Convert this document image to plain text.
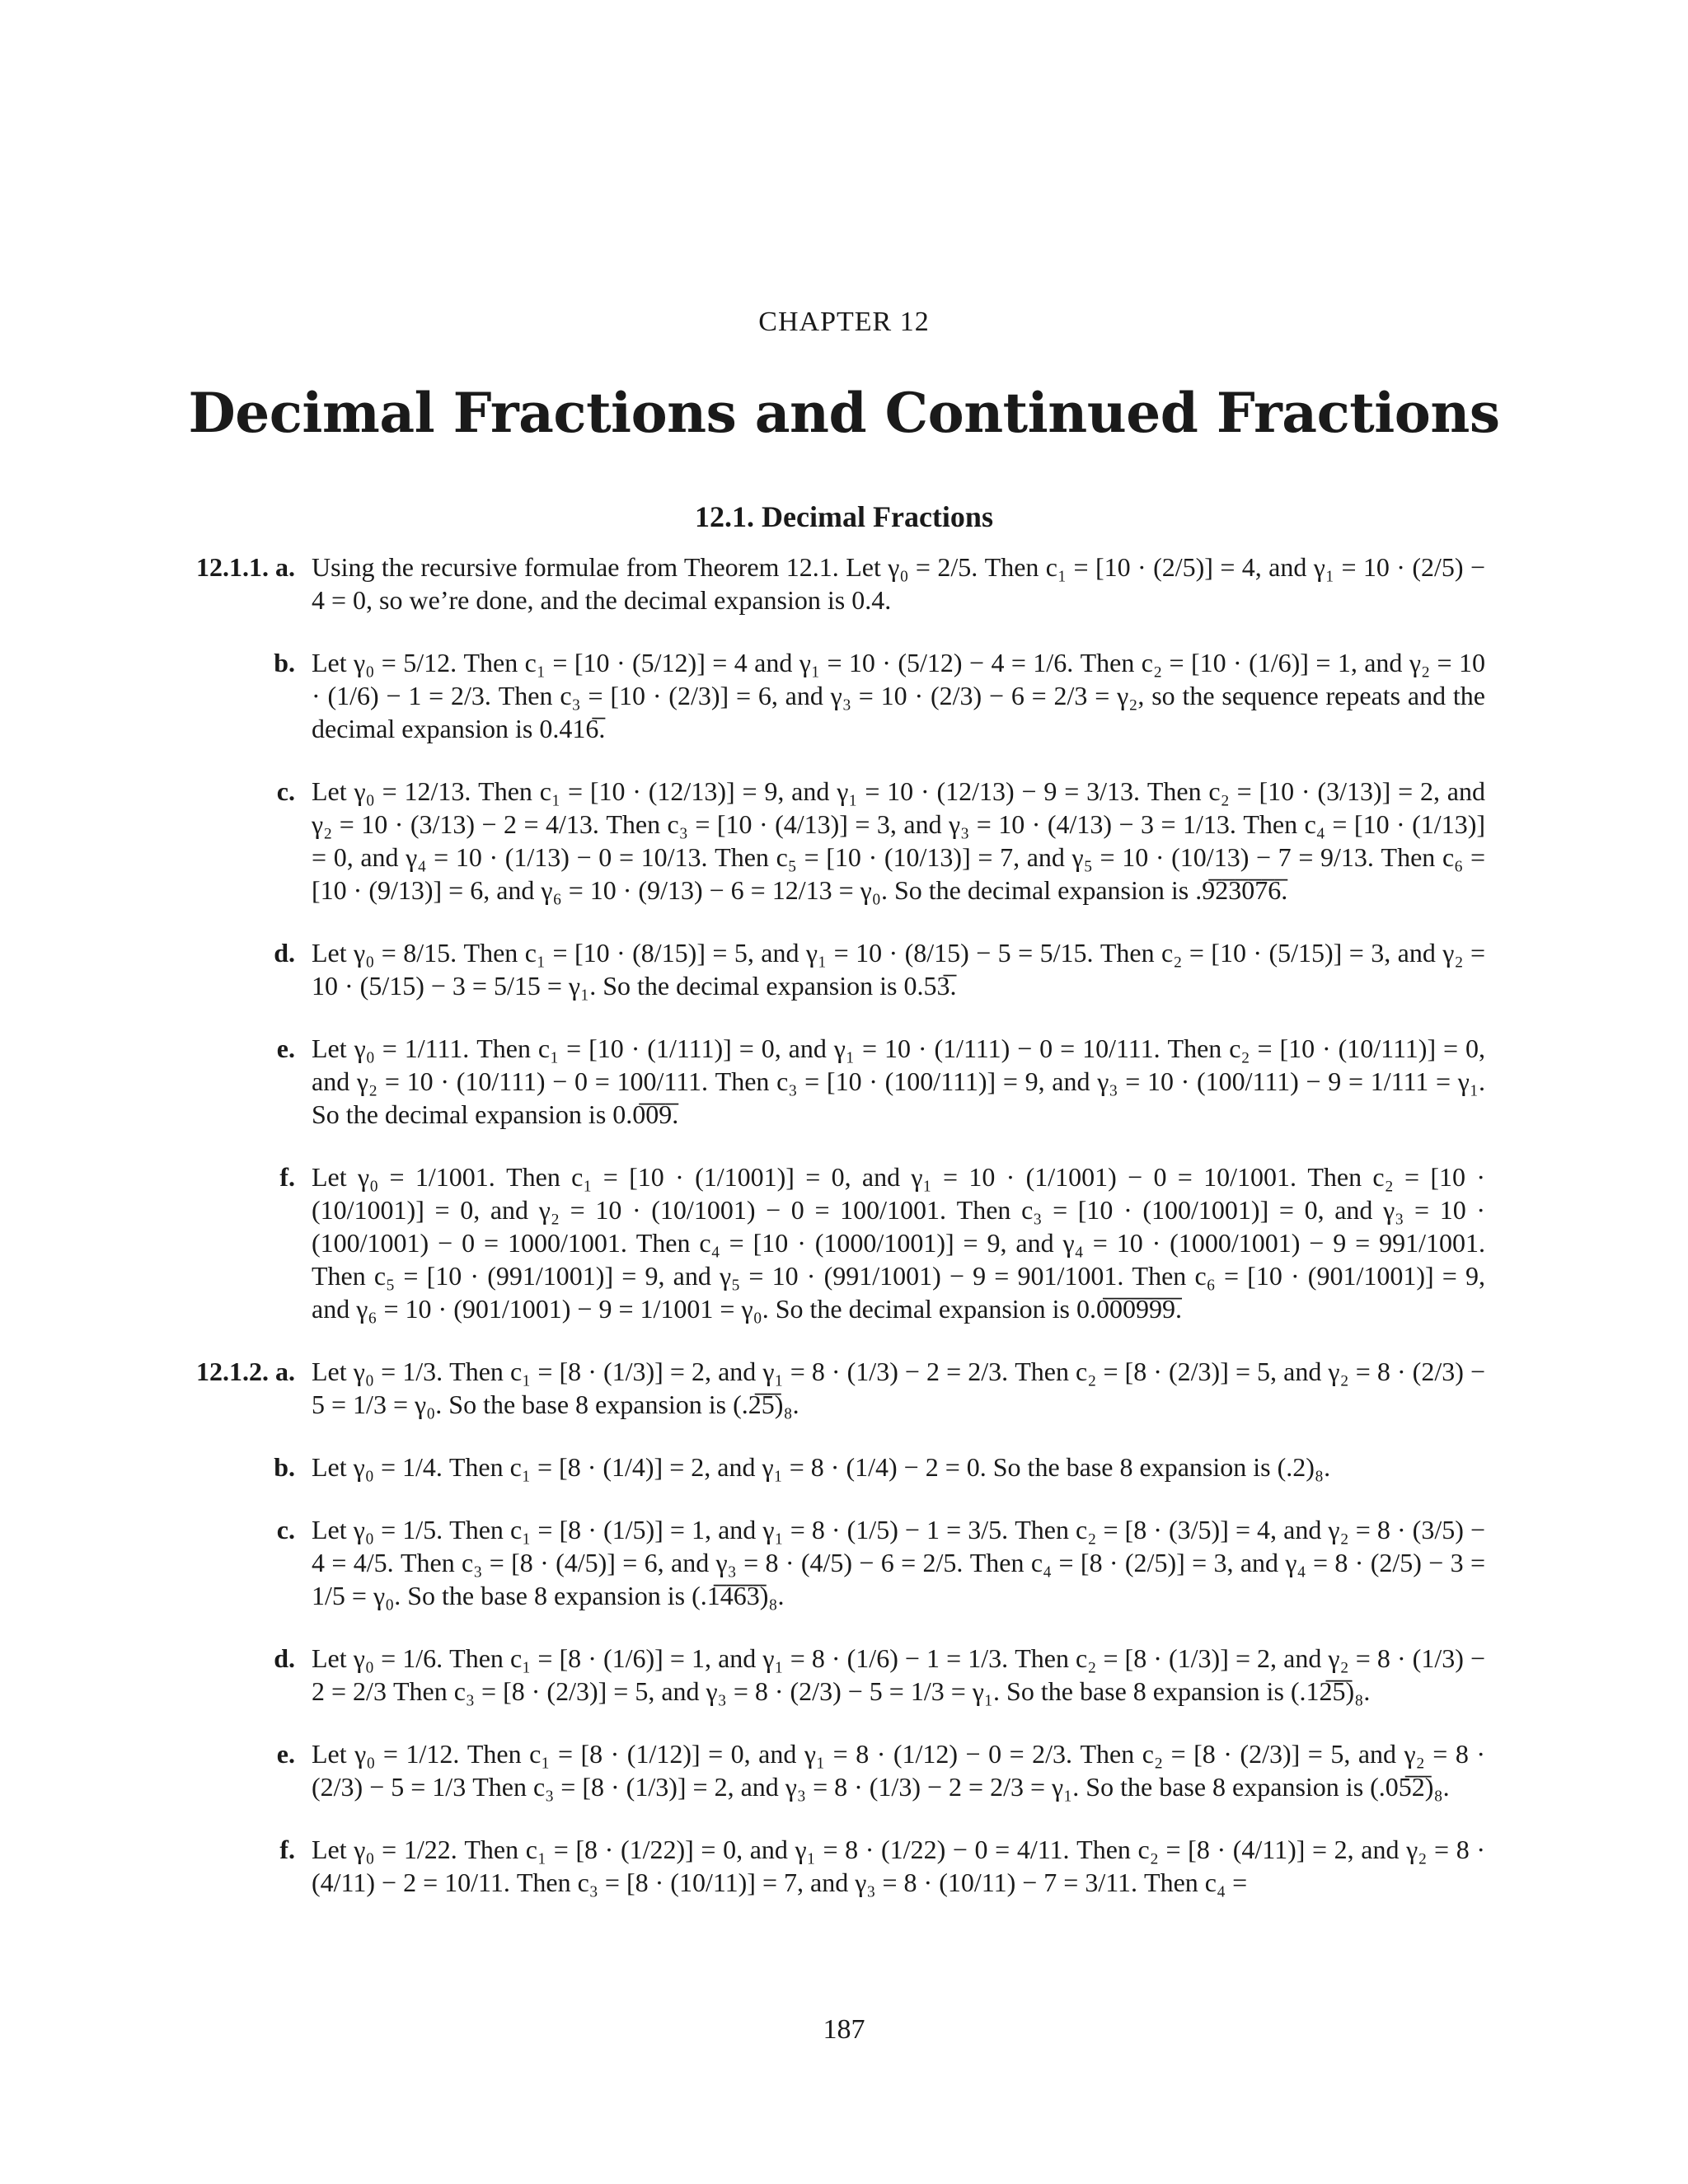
CHAPTER 12
Decimal Fractions and Continued Fractions
12.1. Decimal Fractions
12.1.1. a. Using the recursive formulae from Theorem 12.1. Let γ₀ = 2/5. Then c₁ = [10 · (2/5)] = 4, and γ₁ = 10 · (2/5) − 4 = 0, so we’re done, and the decimal expansion is 0.4.
b. Let γ₀ = 5/12. Then c₁ = [10 · (5/12)] = 4 and γ₁ = 10 · (5/12) − 4 = 1/6. Then c₂ = [10 · (1/6)] = 1, and γ₂ = 10 · (1/6) − 1 = 2/3. Then c₃ = [10 · (2/3)] = 6, and γ₃ = 10 · (2/3) − 6 = 2/3 = γ₂, so the sequence repeats and the decimal expansion is 0.416̅.
c. Let γ₀ = 12/13. Then c₁ = [10 · (12/13)] = 9, and γ₁ = 10 · (12/13) − 9 = 3/13. Then c₂ = [10 · (3/13)] = 2, and γ₂ = 10 · (3/13) − 2 = 4/13. Then c₃ = [10 · (4/13)] = 3, and γ₃ = 10 · (4/13) − 3 = 1/13. Then c₄ = [10 · (1/13)] = 0, and γ₄ = 10 · (1/13) − 0 = 10/13. Then c₅ = [10 · (10/13)] = 7, and γ₅ = 10 · (10/13) − 7 = 9/13. Then c₆ = [10 · (9/13)] = 6, and γ₆ = 10 · (9/13) − 6 = 12/13 = γ₀. So the decimal expansion is .9̅2̅3̅0̅7̅6̅.
d. Let γ₀ = 8/15. Then c₁ = [10 · (8/15)] = 5, and γ₁ = 10 · (8/15) − 5 = 5/15. Then c₂ = [10 · (5/15)] = 3, and γ₂ = 10 · (5/15) − 3 = 5/15 = γ₁. So the decimal expansion is 0.53̅.
e. Let γ₀ = 1/111. Then c₁ = [10 · (1/111)] = 0, and γ₁ = 10 · (1/111) − 0 = 10/111. Then c₂ = [10 · (10/111)] = 0, and γ₂ = 10 · (10/111) − 0 = 100/111. Then c₃ = [10 · (100/111)] = 9, and γ₃ = 10 · (100/111) − 9 = 1/111 = γ₁. So the decimal expansion is 0.0̅0̅9̅.
f. Let γ₀ = 1/1001. Then c₁ = [10 · (1/1001)] = 0, and γ₁ = 10 · (1/1001) − 0 = 10/1001. Then c₂ = [10 · (10/1001)] = 0, and γ₂ = 10 · (10/1001) − 0 = 100/1001. Then c₃ = [10 · (100/1001)] = 0, and γ₃ = 10 · (100/1001) − 0 = 1000/1001. Then c₄ = [10 · (1000/1001)] = 9, and γ₄ = 10 · (1000/1001) − 9 = 991/1001. Then c₅ = [10 · (991/1001)] = 9, and γ₅ = 10 · (991/1001) − 9 = 901/1001. Then c₆ = [10 · (901/1001)] = 9, and γ₆ = 10 · (901/1001) − 9 = 1/1001 = γ₀. So the decimal expansion is 0.0̅0̅0̅9̅9̅9̅.
12.1.2. a. Let γ₀ = 1/3. Then c₁ = [8 · (1/3)] = 2, and γ₁ = 8 · (1/3) − 2 = 2/3. Then c₂ = [8 · (2/3)] = 5, and γ₂ = 8 · (2/3) − 5 = 1/3 = γ₀. So the base 8 expansion is (.2̅5̅)₈.
b. Let γ₀ = 1/4. Then c₁ = [8 · (1/4)] = 2, and γ₁ = 8 · (1/4) − 2 = 0. So the base 8 expansion is (.2)₈.
c. Let γ₀ = 1/5. Then c₁ = [8 · (1/5)] = 1, and γ₁ = 8 · (1/5) − 1 = 3/5. Then c₂ = [8 · (3/5)] = 4, and γ₂ = 8 · (3/5) − 4 = 4/5. Then c₃ = [8 · (4/5)] = 6, and γ₃ = 8 · (4/5) − 6 = 2/5. Then c₄ = [8 · (2/5)] = 3, and γ₄ = 8 · (2/5) − 3 = 1/5 = γ₀. So the base 8 expansion is (.1̅4̅6̅3̅)₈.
d. Let γ₀ = 1/6. Then c₁ = [8 · (1/6)] = 1, and γ₁ = 8 · (1/6) − 1 = 1/3. Then c₂ = [8 · (1/3)] = 2, and γ₂ = 8 · (1/3) − 2 = 2/3 Then c₃ = [8 · (2/3)] = 5, and γ₃ = 8 · (2/3) − 5 = 1/3 = γ₁. So the base 8 expansion is (.12̅5̅)₈.
e. Let γ₀ = 1/12. Then c₁ = [8 · (1/12)] = 0, and γ₁ = 8 · (1/12) − 0 = 2/3. Then c₂ = [8 · (2/3)] = 5, and γ₂ = 8 · (2/3) − 5 = 1/3 Then c₃ = [8 · (1/3)] = 2, and γ₃ = 8 · (1/3) − 2 = 2/3 = γ₁. So the base 8 expansion is (.05̅2̅)₈.
f. Let γ₀ = 1/22. Then c₁ = [8 · (1/22)] = 0, and γ₁ = 8 · (1/22) − 0 = 4/11. Then c₂ = [8 · (4/11)] = 2, and γ₂ = 8 · (4/11) − 2 = 10/11. Then c₃ = [8 · (10/11)] = 7, and γ₃ = 8 · (10/11) − 7 = 3/11. Then c₄ =
187
